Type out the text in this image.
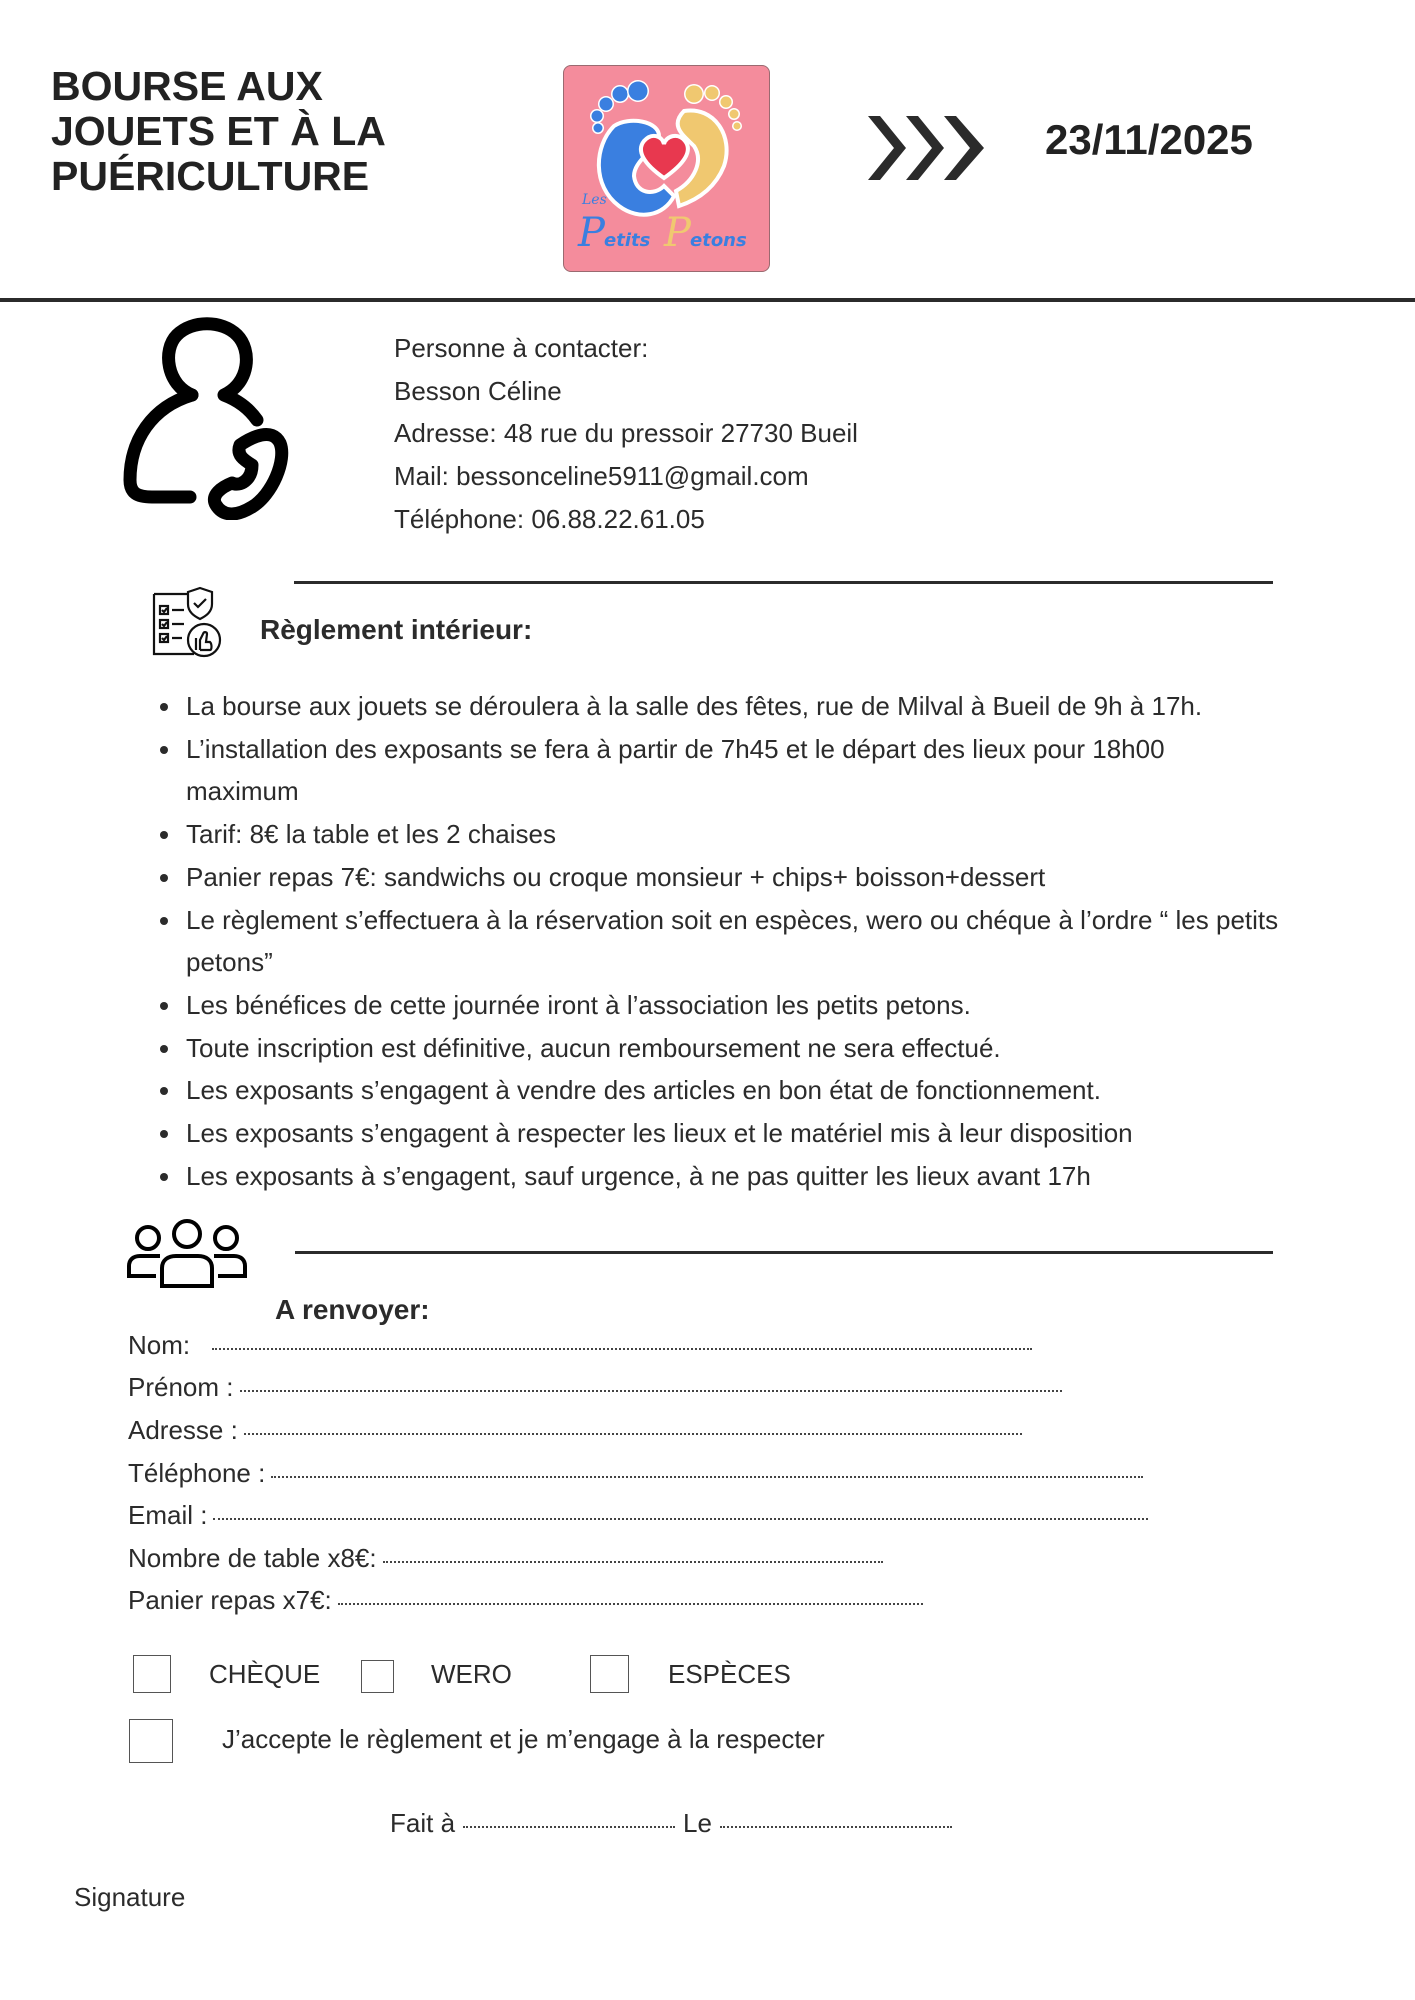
BOURSE AUX
JOUETS ET À LA
PUÉRICULTURE
Les
P etits P etons
23/11/2025
Personne à contacter:
Besson Céline
Adresse: 48 rue du pressoir 27730 Bueil
Mail: bessonceline5911@gmail.com
Téléphone: 06.88.22.61.05
Règlement intérieur:
La bourse aux jouets se déroulera à la salle des fêtes, rue de Milval à Bueil de 9h à 17h.
L’installation des exposants se fera à partir de 7h45 et le départ des lieux pour 18h00 maximum
Tarif: 8€ la table et les 2 chaises
Panier repas 7€: sandwichs ou croque monsieur + chips+ boisson+dessert
Le règlement s’effectuera à la réservation soit en espèces, wero ou chéque à l’ordre “ les petits petons”
Les bénéfices de cette journée iront à l’association les petits petons.
Toute inscription est définitive, aucun remboursement ne sera effectué.
Les exposants s’engagent à vendre des articles en bon état de fonctionnement.
Les exposants s’engagent à respecter les lieux et le matériel mis à leur disposition
Les exposants à s’engagent, sauf urgence, à ne pas quitter les lieux avant 17h
A renvoyer:
Nom:
Prénom :
Adresse :
Téléphone :
Email :
Nombre de table x8€:
Panier repas x7€:
CHÈQUE	WERO	ESPÈCES
J’accepte le règlement et je m’engage à la respecter
Fait à	Le
Signature
